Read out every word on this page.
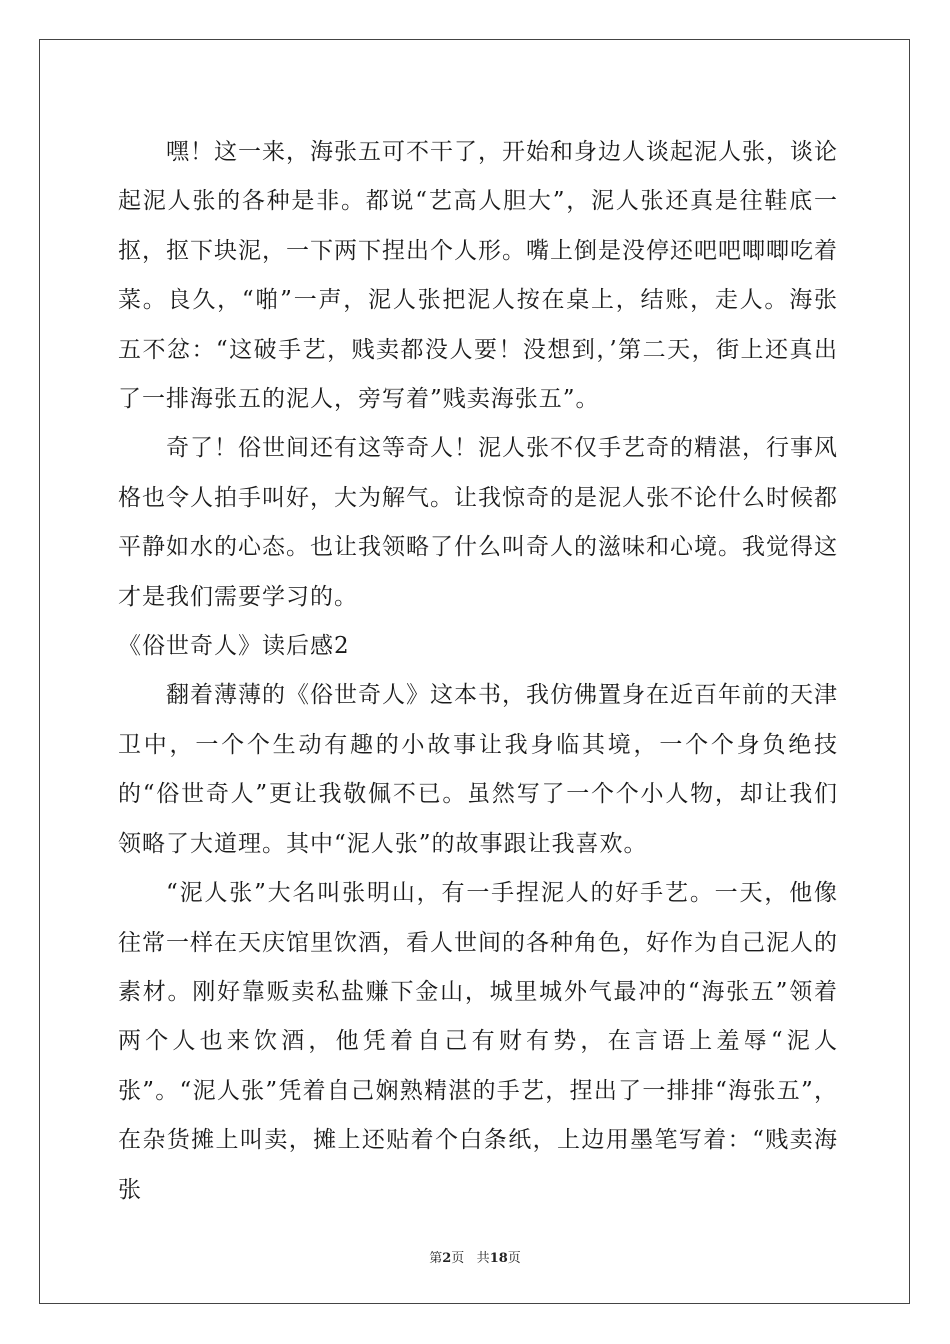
嘿！这一来，海张五可不干了，开始和身边人谈起泥人张，谈论起泥人张的各种是非。都说“艺高人胆大”，泥人张还真是往鞋底一抠，抠下块泥，一下两下捏出个人形。嘴上倒是没停还吧吧唧唧吃着菜。良久，“啪”一声，泥人张把泥人按在桌上，结账，走人。海张五不忿：“这破手艺，贱卖都没人要！没想到，’第二天，街上还真出了一排海张五的泥人，旁写着”贱卖海张五”。

奇了！俗世间还有这等奇人！泥人张不仅手艺奇的精湛，行事风格也令人拍手叫好，大为解气。让我惊奇的是泥人张不论什么时候都平静如水的心态。也让我领略了什么叫奇人的滋味和心境。我觉得这才是我们需要学习的。

《俗世奇人》读后感2

翻着薄薄的《俗世奇人》这本书，我仿佛置身在近百年前的天津卫中，一个个生动有趣的小故事让我身临其境，一个个身负绝技的“俗世奇人”更让我敬佩不已。虽然写了一个个小人物，却让我们领略了大道理。其中“泥人张”的故事跟让我喜欢。

“泥人张”大名叫张明山，有一手捏泥人的好手艺。一天，他像往常一样在天庆馆里饮酒，看人世间的各种角色，好作为自己泥人的素材。刚好靠贩卖私盐赚下金山，城里城外气最冲的“海张五”领着两个人也来饮酒，他凭着自己有财有势，在言语上羞辱“泥人张”。“泥人张”凭着自己娴熟精湛的手艺，捏出了一排排“海张五”，在杂货摊上叫卖，摊上还贴着个白条纸，上边用墨笔写着：“贱卖海张

第2页 共18页
